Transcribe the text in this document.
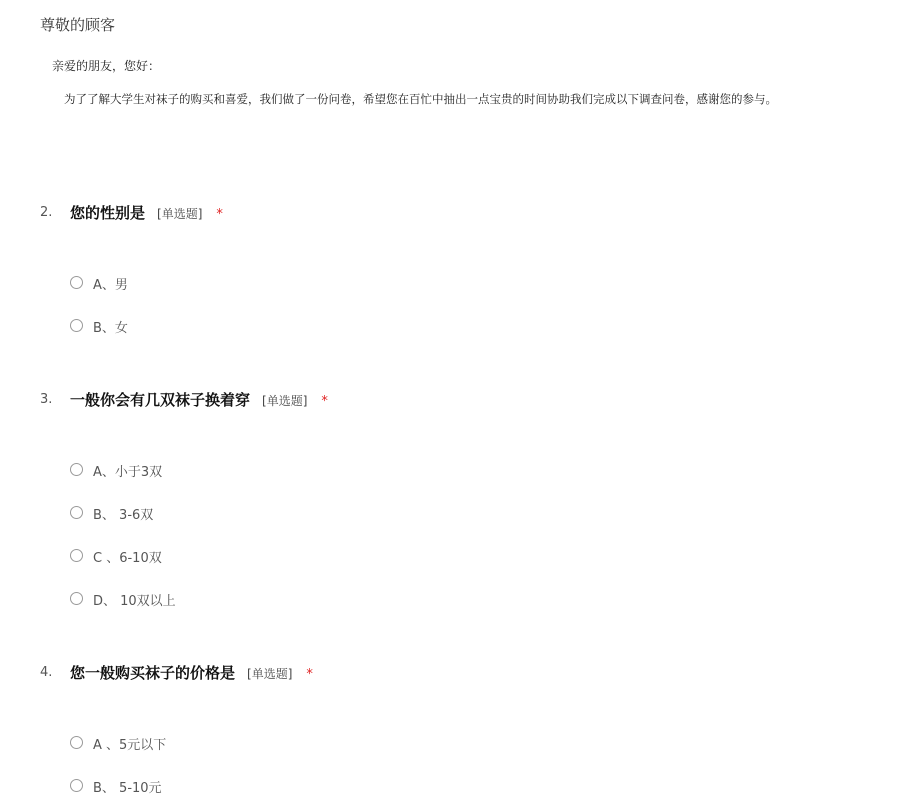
尊敬的顾客
亲爱的朋友，您好：
为了了解大学生对袜子的购买和喜爱，我们做了一份问卷，希望您在百忙中抽出一点宝贵的时间协助我们完成以下调查问卷，感谢您的参与。
2. 您的性别是 [单选题] *
A、男
B、女
3. 一般你会有几双袜子换着穿 [单选题] *
A、小于3双
B、 3-6双
C 、6-10双
D、 10双以上
4. 您一般购买袜子的价格是 [单选题] *
A 、5元以下
B、 5-10元
